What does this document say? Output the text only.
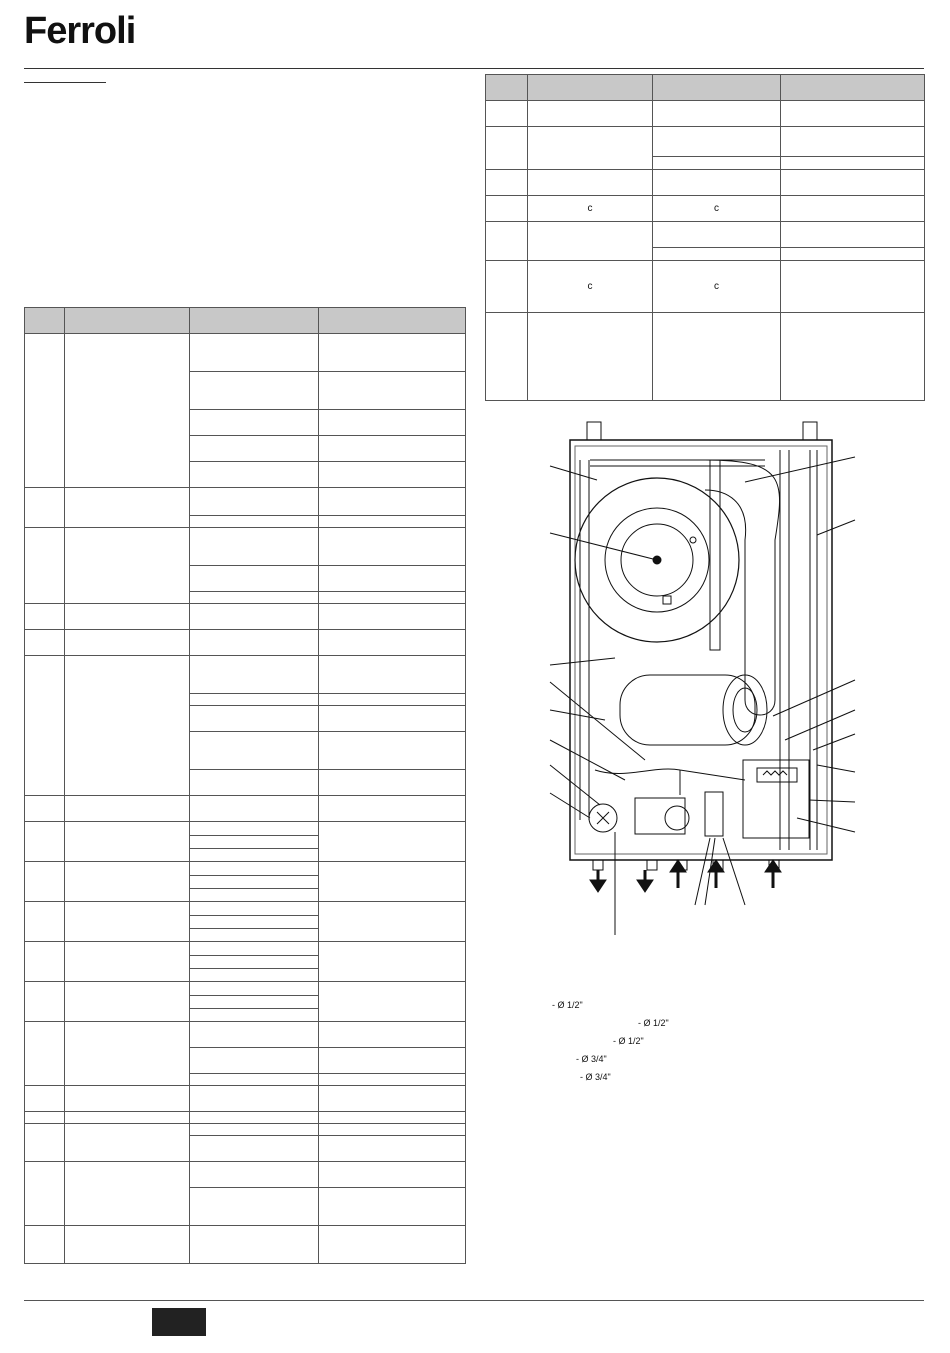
Ferroli

	c	c	

	c	c	

- Ø 1/2"
- Ø 1/2"
- Ø 1/2"
- Ø 3/4"
- Ø 3/4"
